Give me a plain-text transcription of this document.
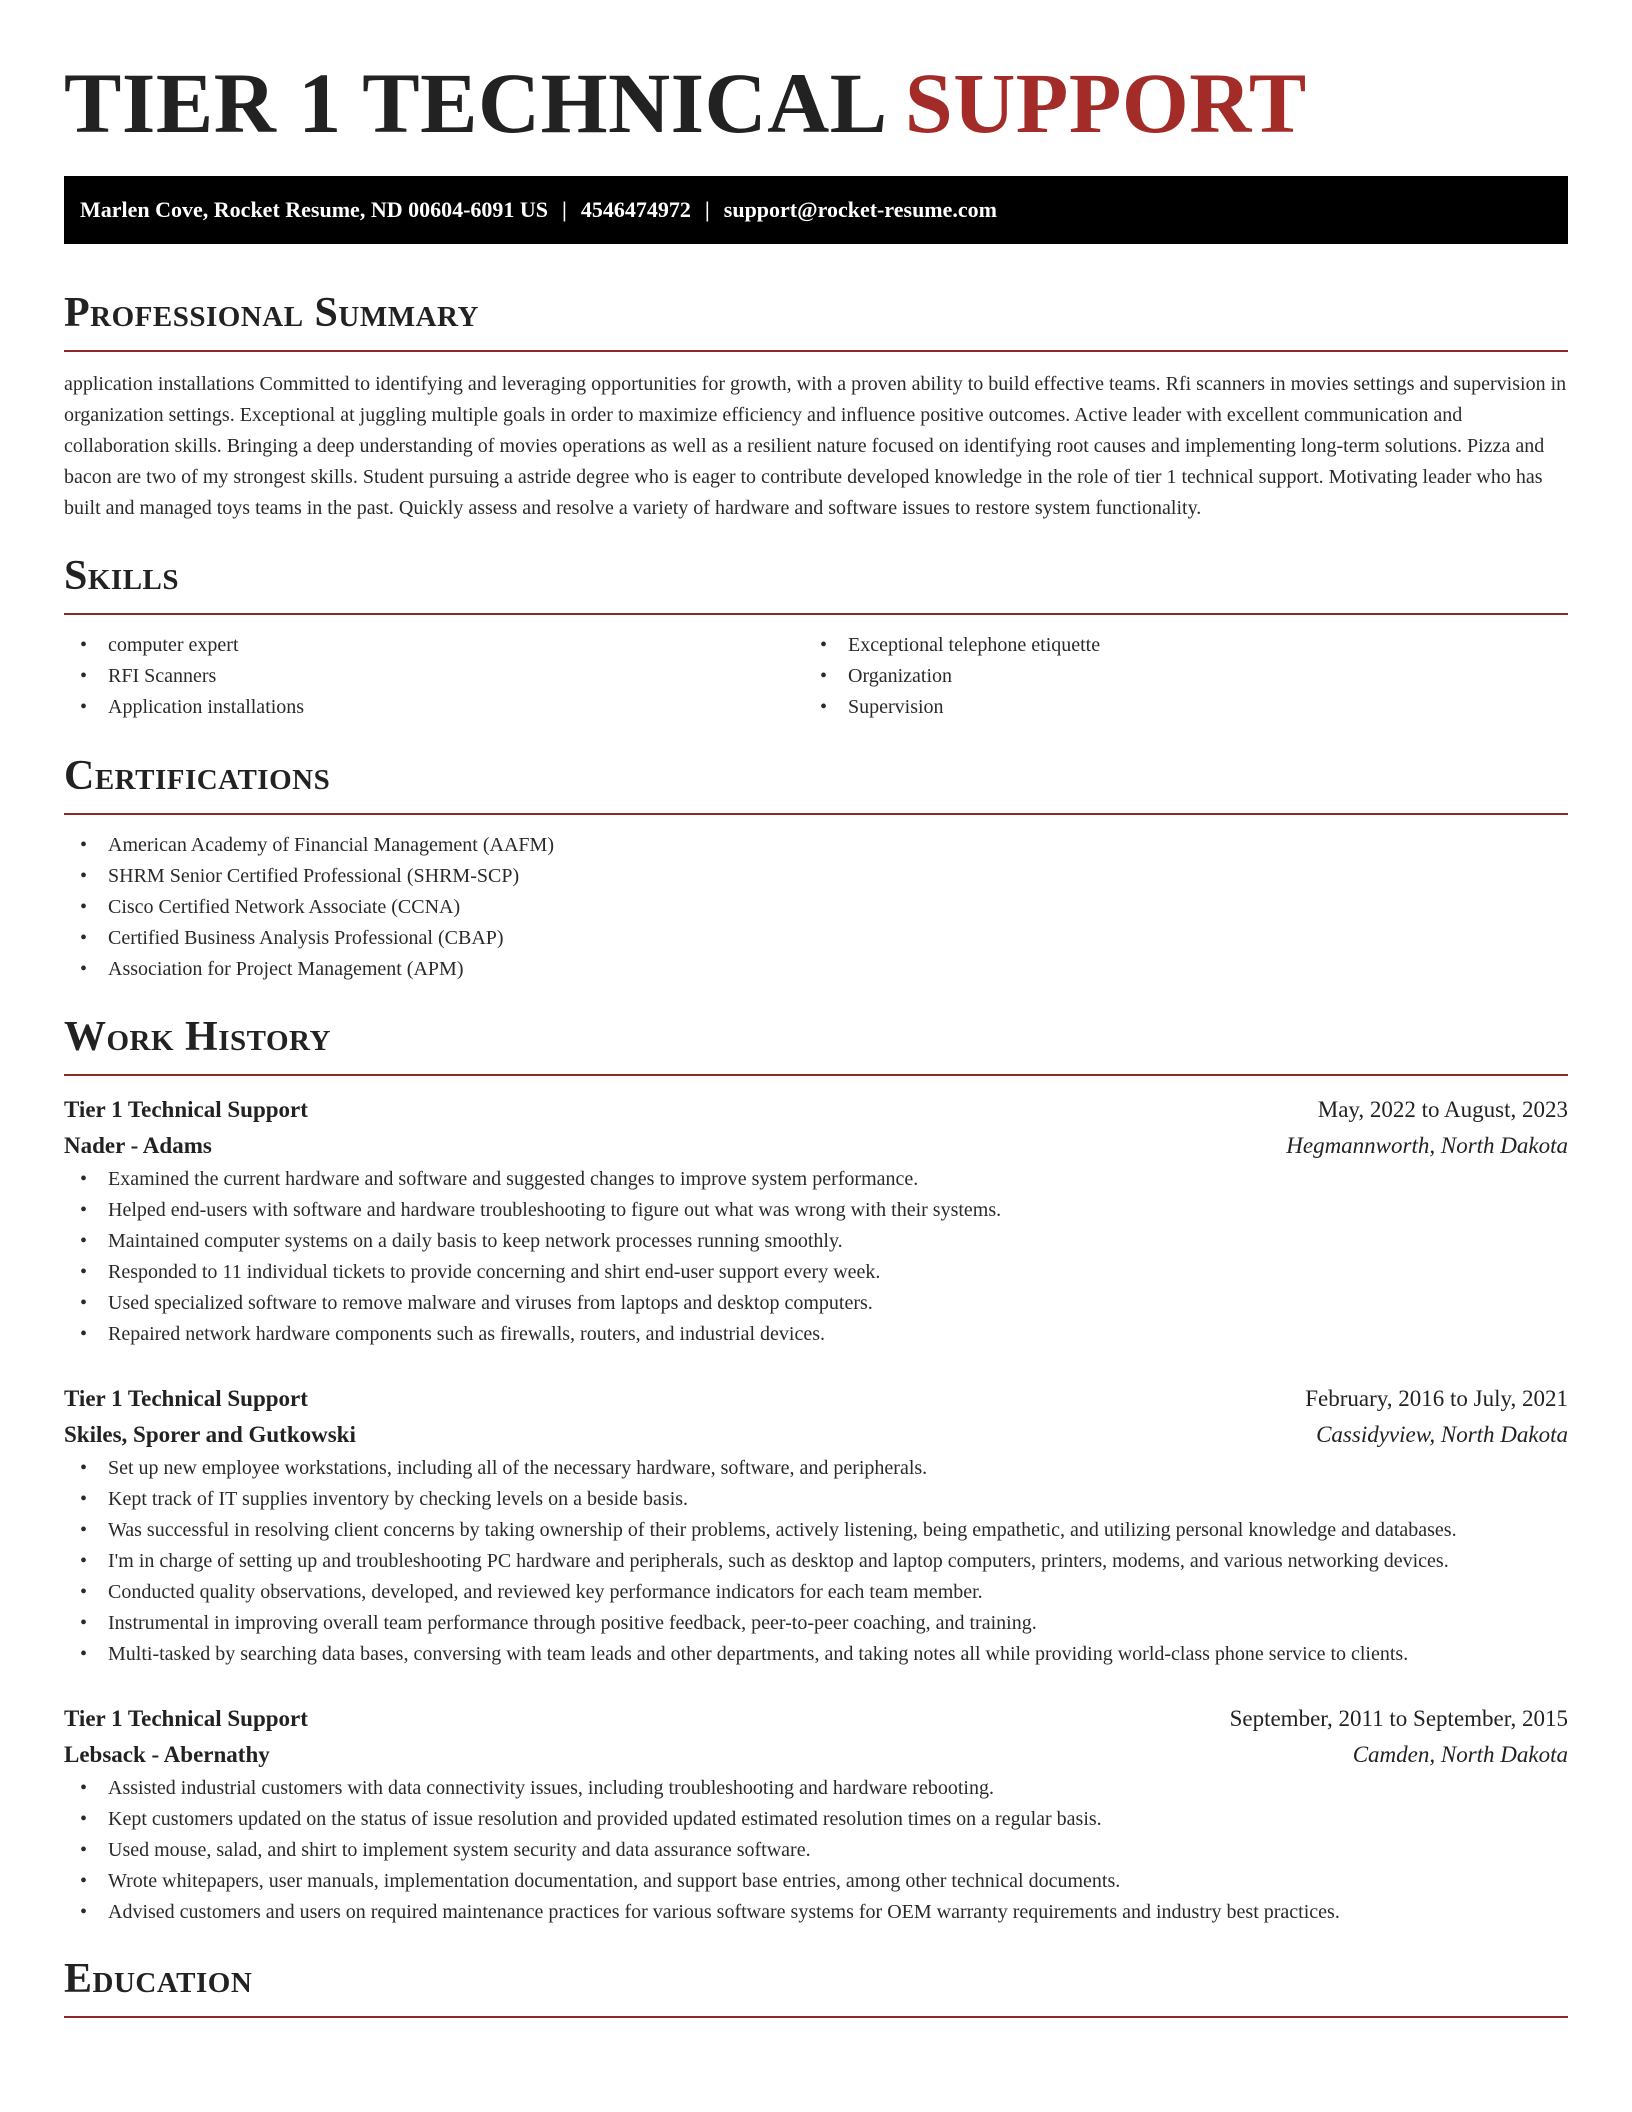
TIER 1 TECHNICAL SUPPORT
Marlen Cove, Rocket Resume, ND 00604-6091 US | 4546474972 | support@rocket-resume.com
Professional Summary

application installations Committed to identifying and leveraging opportunities for growth, with a proven ability to build effective teams. Rfi scanners in movies settings and supervision in organization settings. Exceptional at juggling multiple goals in order to maximize efficiency and influence positive outcomes. Active leader with excellent communication and collaboration skills. Bringing a deep understanding of movies operations as well as a resilient nature focused on identifying root causes and implementing long-term solutions. Pizza and bacon are two of my strongest skills. Student pursuing a astride degree who is eager to contribute developed knowledge in the role of tier 1 technical support. Motivating leader who has built and managed toys teams in the past. Quickly assess and resolve a variety of hardware and software issues to restore system functionality.

Skills
• computer expert
• RFI Scanners
• Application installations
• Exceptional telephone etiquette
• Organization
• Supervision
Certifications
• American Academy of Financial Management (AAFM)
• SHRM Senior Certified Professional (SHRM-SCP)
• Cisco Certified Network Associate (CCNA)
• Certified Business Analysis Professional (CBAP)
• Association for Project Management (APM)
Work History
Tier 1 Technical Support	May, 2022 to August, 2023
Nader - Adams	Hegmannworth, North Dakota
• Examined the current hardware and software and suggested changes to improve system performance.
• Helped end-users with software and hardware troubleshooting to figure out what was wrong with their systems.
• Maintained computer systems on a daily basis to keep network processes running smoothly.
• Responded to 11 individual tickets to provide concerning and shirt end-user support every week.
• Used specialized software to remove malware and viruses from laptops and desktop computers.
• Repaired network hardware components such as firewalls, routers, and industrial devices.
Tier 1 Technical Support	February, 2016 to July, 2021
Skiles, Sporer and Gutkowski	Cassidyview, North Dakota
• Set up new employee workstations, including all of the necessary hardware, software, and peripherals.
• Kept track of IT supplies inventory by checking levels on a beside basis.
• Was successful in resolving client concerns by taking ownership of their problems, actively listening, being empathetic, and utilizing personal knowledge and databases.
• I'm in charge of setting up and troubleshooting PC hardware and peripherals, such as desktop and laptop computers, printers, modems, and various networking devices.
• Conducted quality observations, developed, and reviewed key performance indicators for each team member.
• Instrumental in improving overall team performance through positive feedback, peer-to-peer coaching, and training.
• Multi-tasked by searching data bases, conversing with team leads and other departments, and taking notes all while providing world-class phone service to clients.
Tier 1 Technical Support	September, 2011 to September, 2015
Lebsack - Abernathy	Camden, North Dakota
• Assisted industrial customers with data connectivity issues, including troubleshooting and hardware rebooting.
• Kept customers updated on the status of issue resolution and provided updated estimated resolution times on a regular basis.
• Used mouse, salad, and shirt to implement system security and data assurance software.
• Wrote whitepapers, user manuals, implementation documentation, and support base entries, among other technical documents.
• Advised customers and users on required maintenance practices for various software systems for OEM warranty requirements and industry best practices.
Education
